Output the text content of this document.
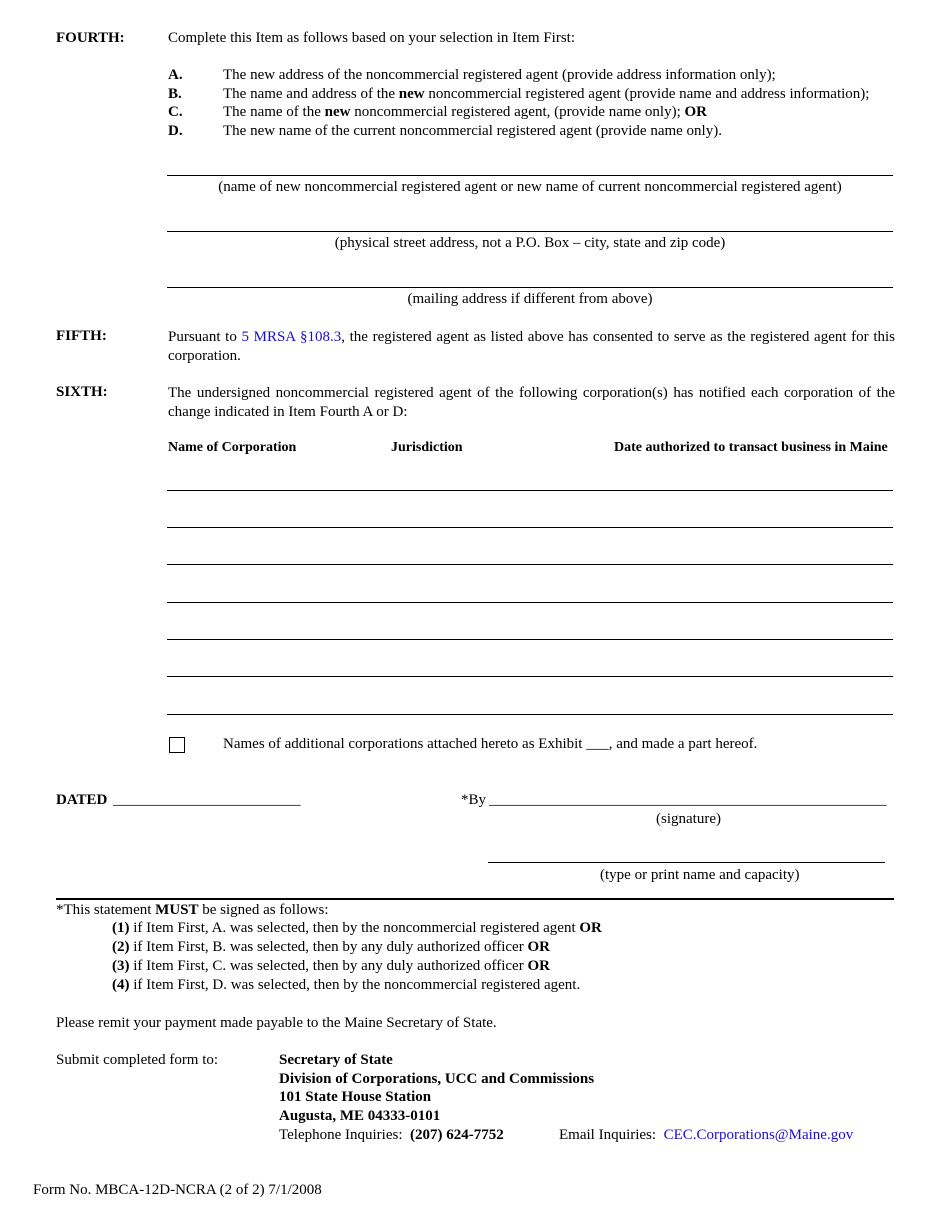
FOURTH:	Complete this Item as follows based on your selection in Item First:
A.	The new address of the noncommercial registered agent (provide address information only);
B.	The name and address of the new noncommercial registered agent (provide name and address information);
C.	The name of the new noncommercial registered agent, (provide name only); OR
D.	The new name of the current noncommercial registered agent (provide name only).
(name of new noncommercial registered agent or new name of current noncommercial registered agent)
(physical street address, not a P.O. Box – city, state and zip code)
(mailing address if different from above)
FIFTH:	Pursuant to 5 MRSA §108.3, the registered agent as listed above has consented to serve as the registered agent for this corporation.
SIXTH:	The undersigned noncommercial registered agent of the following corporation(s) has notified each corporation of the change indicated in Item Fourth A or D:
Name of Corporation	Jurisdiction	Date authorized to transact business in Maine
Names of additional corporations attached hereto as Exhibit ___, and made a part hereof.
DATED _________________________	*By _____________________________________________________
(signature)
(type or print name and capacity)
*This statement MUST be signed as follows:
(1) if Item First, A. was selected, then by the noncommercial registered agent OR
(2) if Item First, B. was selected, then by any duly authorized officer OR
(3) if Item First, C. was selected, then by any duly authorized officer OR
(4) if Item First, D. was selected, then by the noncommercial registered agent.
Please remit your payment made payable to the Maine Secretary of State.
Submit completed form to:	Secretary of State
Division of Corporations, UCC and Commissions
101 State House Station
Augusta, ME 04333-0101
Telephone Inquiries: (207) 624-7752	Email Inquiries: CEC.Corporations@Maine.gov
Form No. MBCA-12D-NCRA (2 of 2) 7/1/2008
